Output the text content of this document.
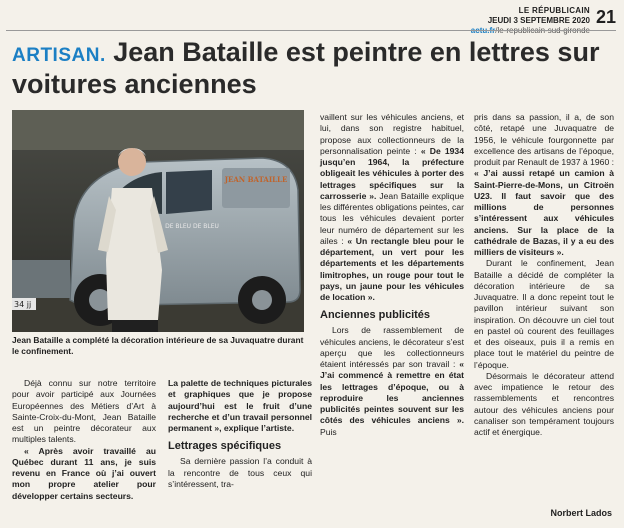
LE RÉPUBLICAIN
JEUDI 3 SEPTEMBRE 2020 21
ARTISAN. Jean Bataille est peintre en lettres sur voitures anciennes
JEAN BATAILLE
DE BLEU DE BLEU
34 jj

Jean Bataille a complété la décoration intérieure de sa Juvaquatre durant le confinement.

Déjà connu sur notre territoire pour avoir participé aux Journées Européennes des Métiers d’Art à Sainte-Croix-du-Mont, Jean Bataille est un peintre décorateur aux multiples talents.

« Après avoir travaillé au Québec durant 11 ans, je suis revenu en France où j’ai ouvert mon propre atelier pour développer certains secteurs.

La palette de techniques picturales et graphiques que je propose aujourd’hui est le fruit d’une recherche et d’un travail personnel permanent », explique l’artiste.

Lettrages spécifiques

Sa dernière passion l’a conduit à la rencontre de tous ceux qui s’intéressent, tra-

vaillent sur les véhicules anciens, et lui, dans son registre habituel, propose aux collectionneurs de la personnalisation peinte : « De 1934 jusqu’en 1964, la préfecture obligeait les véhicules à porter des lettrages spécifiques sur la carrosserie ». Jean Bataille explique les différentes obligations peintes, car tous les véhicules devaient porter leur numéro de département sur les ailes : « Un rectangle bleu pour le département, un vert pour les départements et les départements limitrophes, un rouge pour tout le pays, un jaune pour les véhicules de location ».

Anciennes publicités

Lors de rassemblement de véhicules anciens, le décorateur s’est aperçu que les collectionneurs étaient intéressés par son travail : « J’ai commencé à remettre en état les lettrages d’époque, ou à reproduire les anciennes publicités peintes souvent sur les côtés des véhicules anciens ». Puis

pris dans sa passion, il a, de son côté, retapé une Juvaquatre de 1956, le véhicule fourgonnette par excellence des artisans de l’époque, produit par Renault de 1937 à 1960 : « J’ai aussi retapé un camion à Saint-Pierre-de-Mons, un Citroën U23. Il faut savoir que des millions de personnes s’intéressent aux véhicules anciens. Sur la place de la cathédrale de Bazas, il y a eu des milliers de visiteurs ».

Durant le confinement, Jean Bataille a décidé de compléter la décoration intérieure de sa Juvaquatre. Il a donc repeint tout le pavillon intérieur suivant son inspiration. On découvre un ciel tout en pastel où courent des feuillages et des oiseaux, puis il a remis en place tout le matériel du peintre de l’époque.

Désormais le décorateur attend avec impatience le retour des rassemblements et rencontres autour des véhicules anciens pour canaliser son tempérament toujours actif et énergique.

Norbert Lados
